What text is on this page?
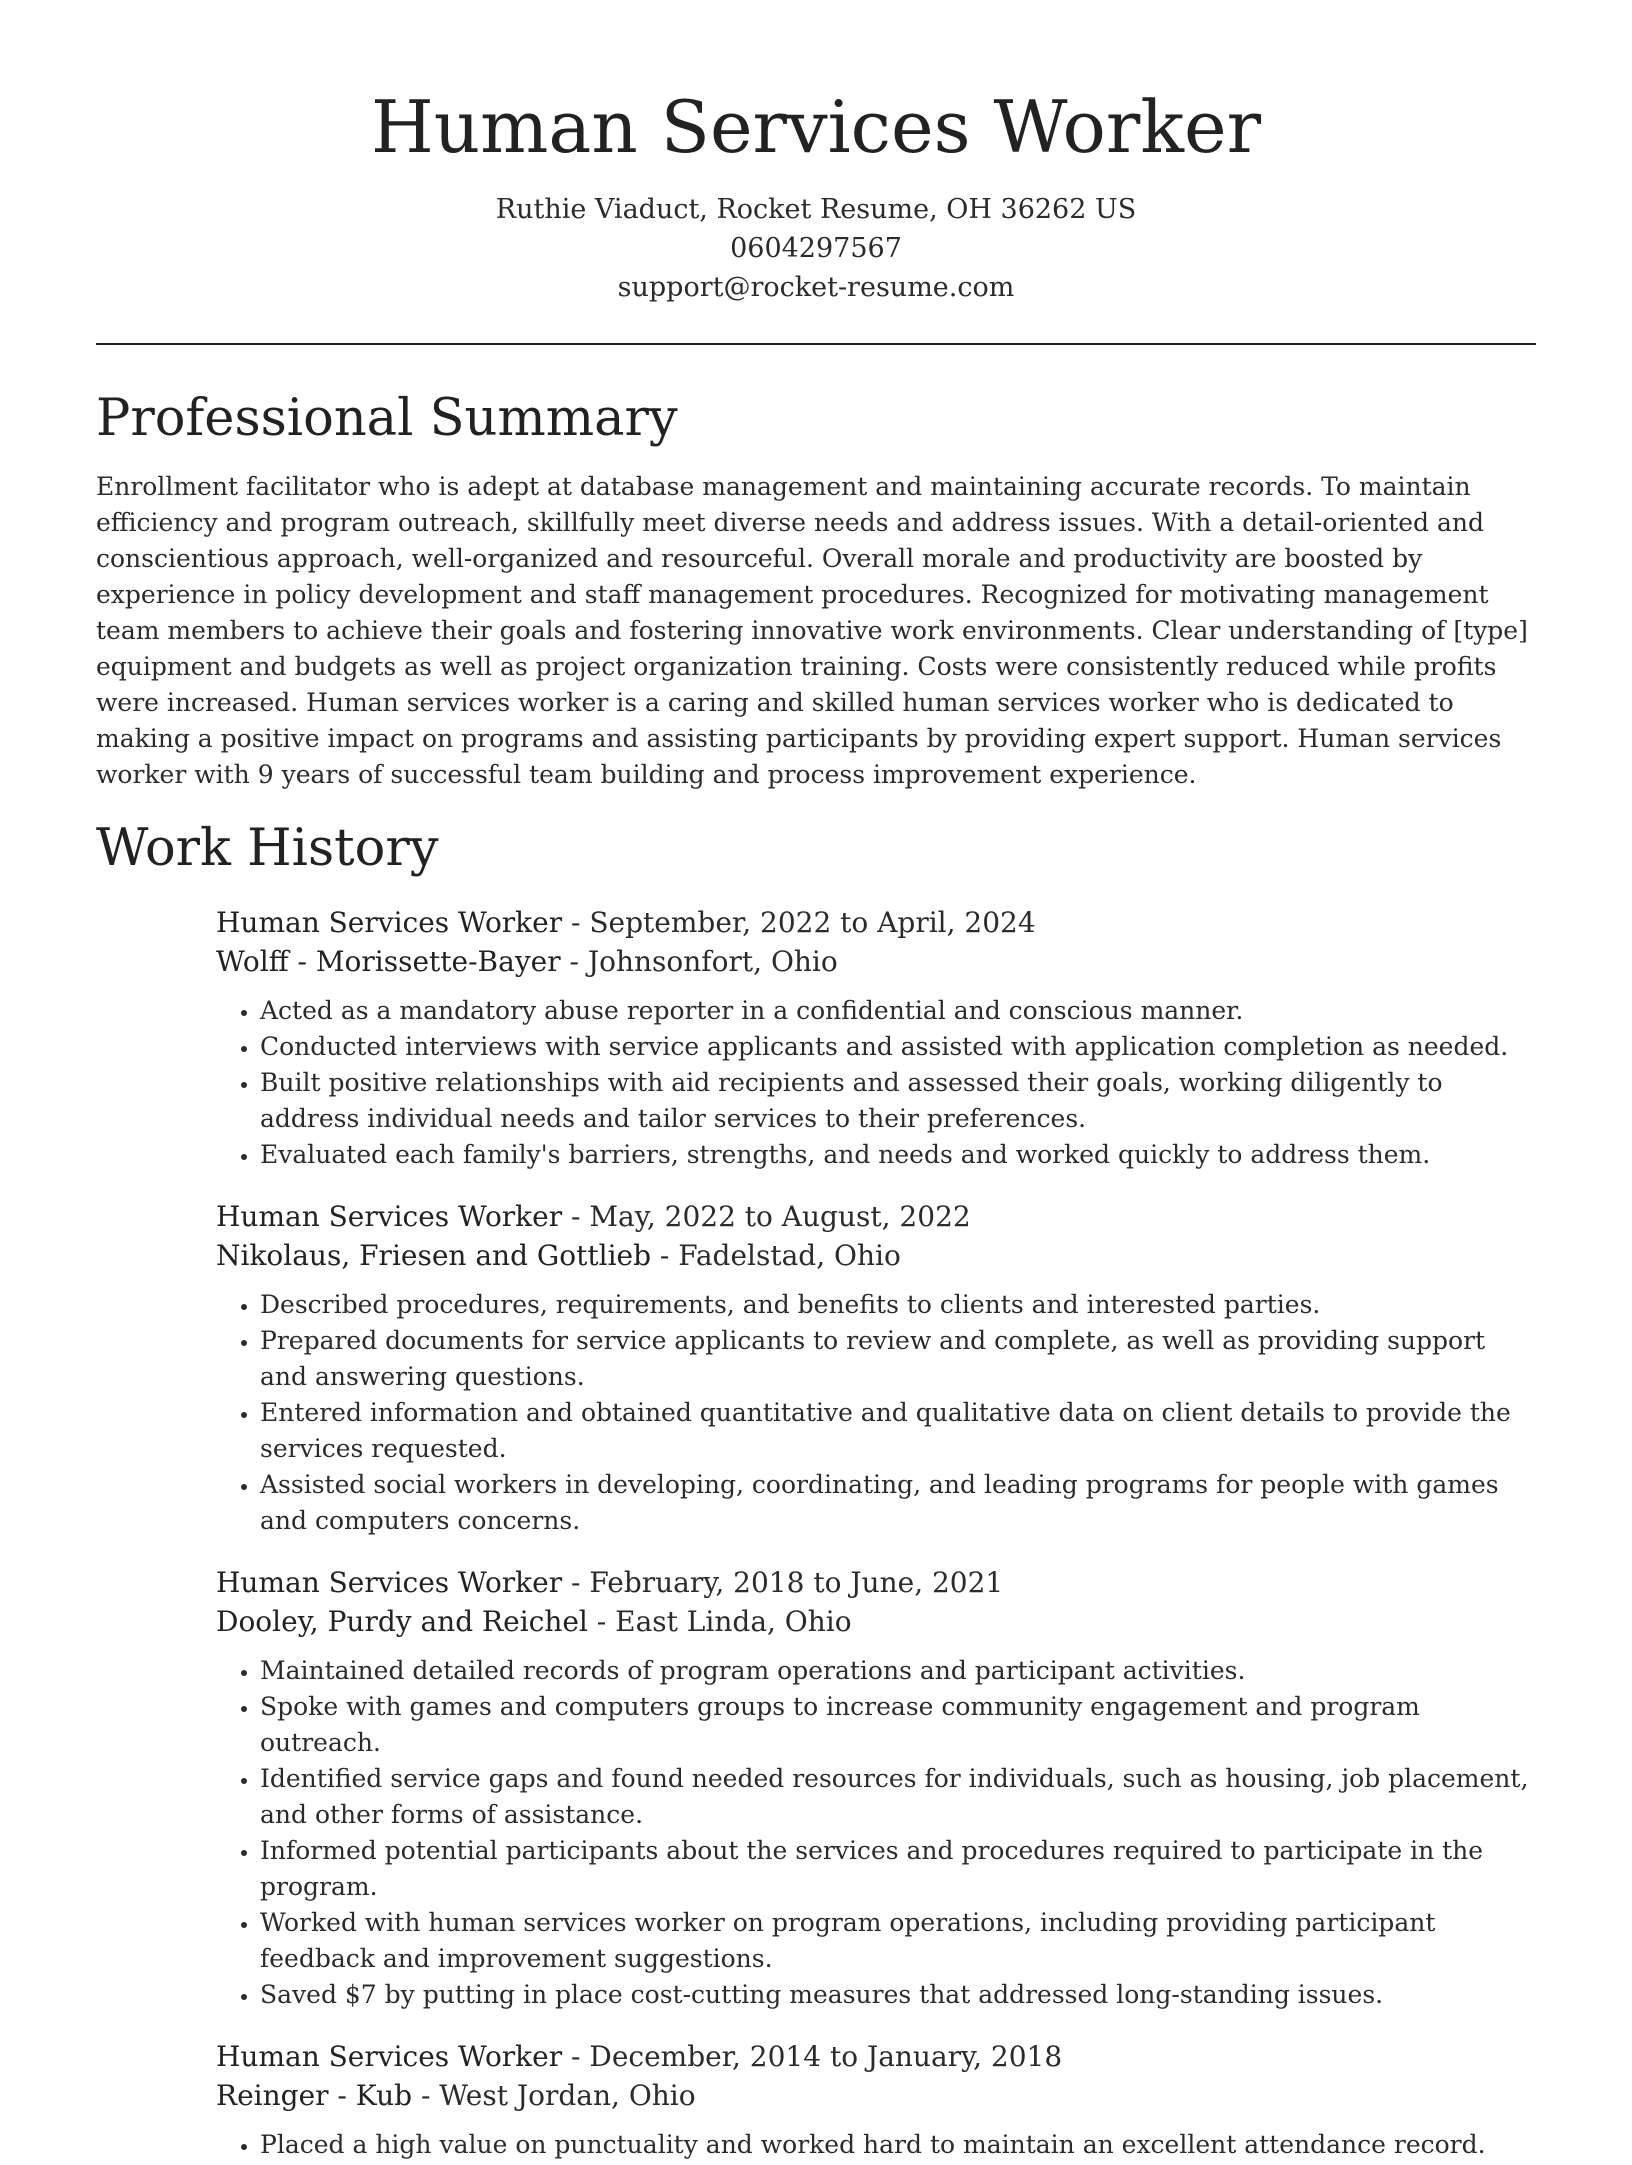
Human Services Worker
Ruthie Viaduct, Rocket Resume, OH 36262 US
0604297567
support@rocket-resume.com
Professional Summary

Enrollment facilitator who is adept at database management and maintaining accurate records. To maintain efficiency and program outreach, skillfully meet diverse needs and address issues. With a detail-oriented and conscientious approach, well-organized and resourceful. Overall morale and productivity are boosted by experience in policy development and staff management procedures. Recognized for motivating management team members to achieve their goals and fostering innovative work environments. Clear understanding of [type] equipment and budgets as well as project organization training. Costs were consistently reduced while profits were increased. Human services worker is a caring and skilled human services worker who is dedicated to making a positive impact on programs and assisting participants by providing expert support. Human services worker with 9 years of successful team building and process improvement experience.

Work History
Human Services Worker - September, 2022 to April, 2024
Wolff - Morissette-Bayer - Johnsonfort, Ohio
• Acted as a mandatory abuse reporter in a confidential and conscious manner.
• Conducted interviews with service applicants and assisted with application completion as needed.
• Built positive relationships with aid recipients and assessed their goals, working diligently to address individual needs and tailor services to their preferences.
• Evaluated each family's barriers, strengths, and needs and worked quickly to address them.
Human Services Worker - May, 2022 to August, 2022
Nikolaus, Friesen and Gottlieb - Fadelstad, Ohio
• Described procedures, requirements, and benefits to clients and interested parties.
• Prepared documents for service applicants to review and complete, as well as providing support and answering questions.
• Entered information and obtained quantitative and qualitative data on client details to provide the services requested.
• Assisted social workers in developing, coordinating, and leading programs for people with games and computers concerns.
Human Services Worker - February, 2018 to June, 2021
Dooley, Purdy and Reichel - East Linda, Ohio
• Maintained detailed records of program operations and participant activities.
• Spoke with games and computers groups to increase community engagement and program outreach.
• Identified service gaps and found needed resources for individuals, such as housing, job placement, and other forms of assistance.
• Informed potential participants about the services and procedures required to participate in the program.
• Worked with human services worker on program operations, including providing participant feedback and improvement suggestions.
• Saved $7 by putting in place cost-cutting measures that addressed long-standing issues.
Human Services Worker - December, 2014 to January, 2018
Reinger - Kub - West Jordan, Ohio
• Placed a high value on punctuality and worked hard to maintain an excellent attendance record.
